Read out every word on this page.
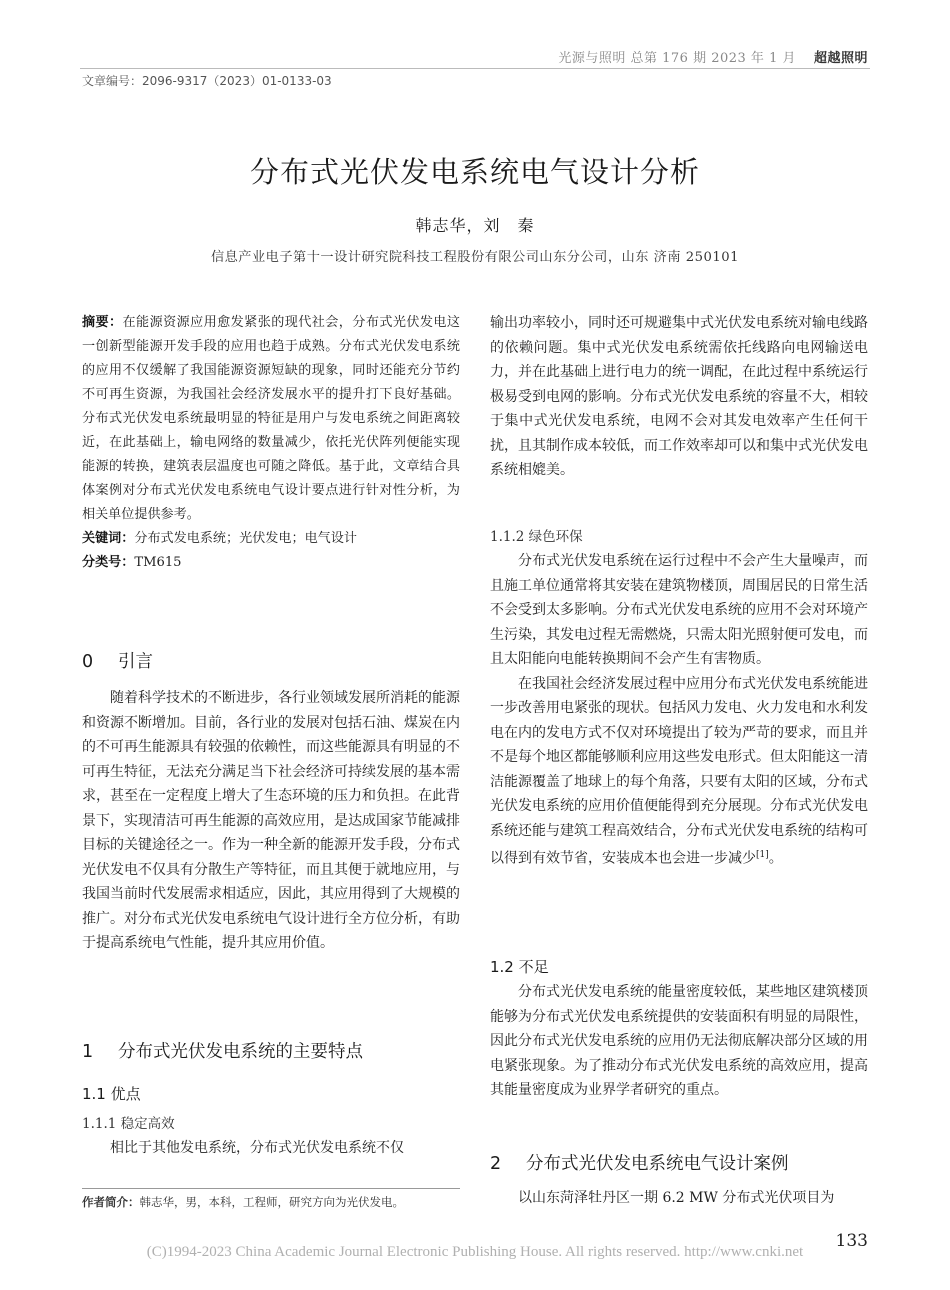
光源与照明 总第 176 期 2023 年 1 月 超越照明
文章编号：2096-9317（2023）01-0133-03
分布式光伏发电系统电气设计分析
韩志华，刘　秦
信息产业电子第十一设计研究院科技工程股份有限公司山东分公司，山东 济南 250101

摘要：在能源资源应用愈发紧张的现代社会，分布式光伏发电这一创新型能源开发手段的应用也趋于成熟。分布式光伏发电系统的应用不仅缓解了我国能源资源短缺的现象，同时还能充分节约不可再生资源，为我国社会经济发展水平的提升打下良好基础。分布式光伏发电系统最明显的特征是用户与发电系统之间距离较近，在此基础上，输电网络的数量减少，依托光伏阵列便能实现能源的转换，建筑表层温度也可随之降低。基于此，文章结合具体案例对分布式光伏发电系统电气设计要点进行针对性分析，为相关单位提供参考。

关键词：分布式发电系统；光伏发电；电气设计

分类号：TM615

0 引言

随着科学技术的不断进步，各行业领域发展所消耗的能源和资源不断增加。目前，各行业的发展对包括石油、煤炭在内的不可再生能源具有较强的依赖性，而这些能源具有明显的不可再生特征，无法充分满足当下社会经济可持续发展的基本需求，甚至在一定程度上增大了生态环境的压力和负担。在此背景下，实现清洁可再生能源的高效应用，是达成国家节能减排目标的关键途径之一。作为一种全新的能源开发手段，分布式光伏发电不仅具有分散生产等特征，而且其便于就地应用，与我国当前时代发展需求相适应，因此，其应用得到了大规模的推广。对分布式光伏发电系统电气设计进行全方位分析，有助于提高系统电气性能，提升其应用价值。

1 分布式光伏发电系统的主要特点

1.1 优点

1.1.1 稳定高效

相比于其他发电系统，分布式光伏发电系统不仅

作者简介：韩志华，男，本科，工程师，研究方向为光伏发电。

输出功率较小，同时还可规避集中式光伏发电系统对输电线路的依赖问题。集中式光伏发电系统需依托线路向电网输送电力，并在此基础上进行电力的统一调配，在此过程中系统运行极易受到电网的影响。分布式光伏发电系统的容量不大，相较于集中式光伏发电系统，电网不会对其发电效率产生任何干扰，且其制作成本较低，而工作效率却可以和集中式光伏发电系统相媲美。

1.1.2 绿色环保

分布式光伏发电系统在运行过程中不会产生大量噪声，而且施工单位通常将其安装在建筑物楼顶，周围居民的日常生活不会受到太多影响。分布式光伏发电系统的应用不会对环境产生污染，其发电过程无需燃烧，只需太阳光照射便可发电，而且太阳能向电能转换期间不会产生有害物质。

在我国社会经济发展过程中应用分布式光伏发电系统能进一步改善用电紧张的现状。包括风力发电、火力发电和水利发电在内的发电方式不仅对环境提出了较为严苛的要求，而且并不是每个地区都能够顺利应用这些发电形式。但太阳能这一清洁能源覆盖了地球上的每个角落，只要有太阳的区域，分布式光伏发电系统的应用价值便能得到充分展现。分布式光伏发电系统还能与建筑工程高效结合，分布式光伏发电系统的结构可以得到有效节省，安装成本也会进一步减少[1]。

1.2 不足

分布式光伏发电系统的能量密度较低，某些地区建筑楼顶能够为分布式光伏发电系统提供的安装面积有明显的局限性，因此分布式光伏发电系统的应用仍无法彻底解决部分区域的用电紧张现象。为了推动分布式光伏发电系统的高效应用，提高其能量密度成为业界学者研究的重点。

2 分布式光伏发电系统电气设计案例

以山东菏泽牡丹区一期 6.2 MW 分布式光伏项目为

133
(C)1994-2023 China Academic Journal Electronic Publishing House. All rights reserved. http://www.cnki.net
